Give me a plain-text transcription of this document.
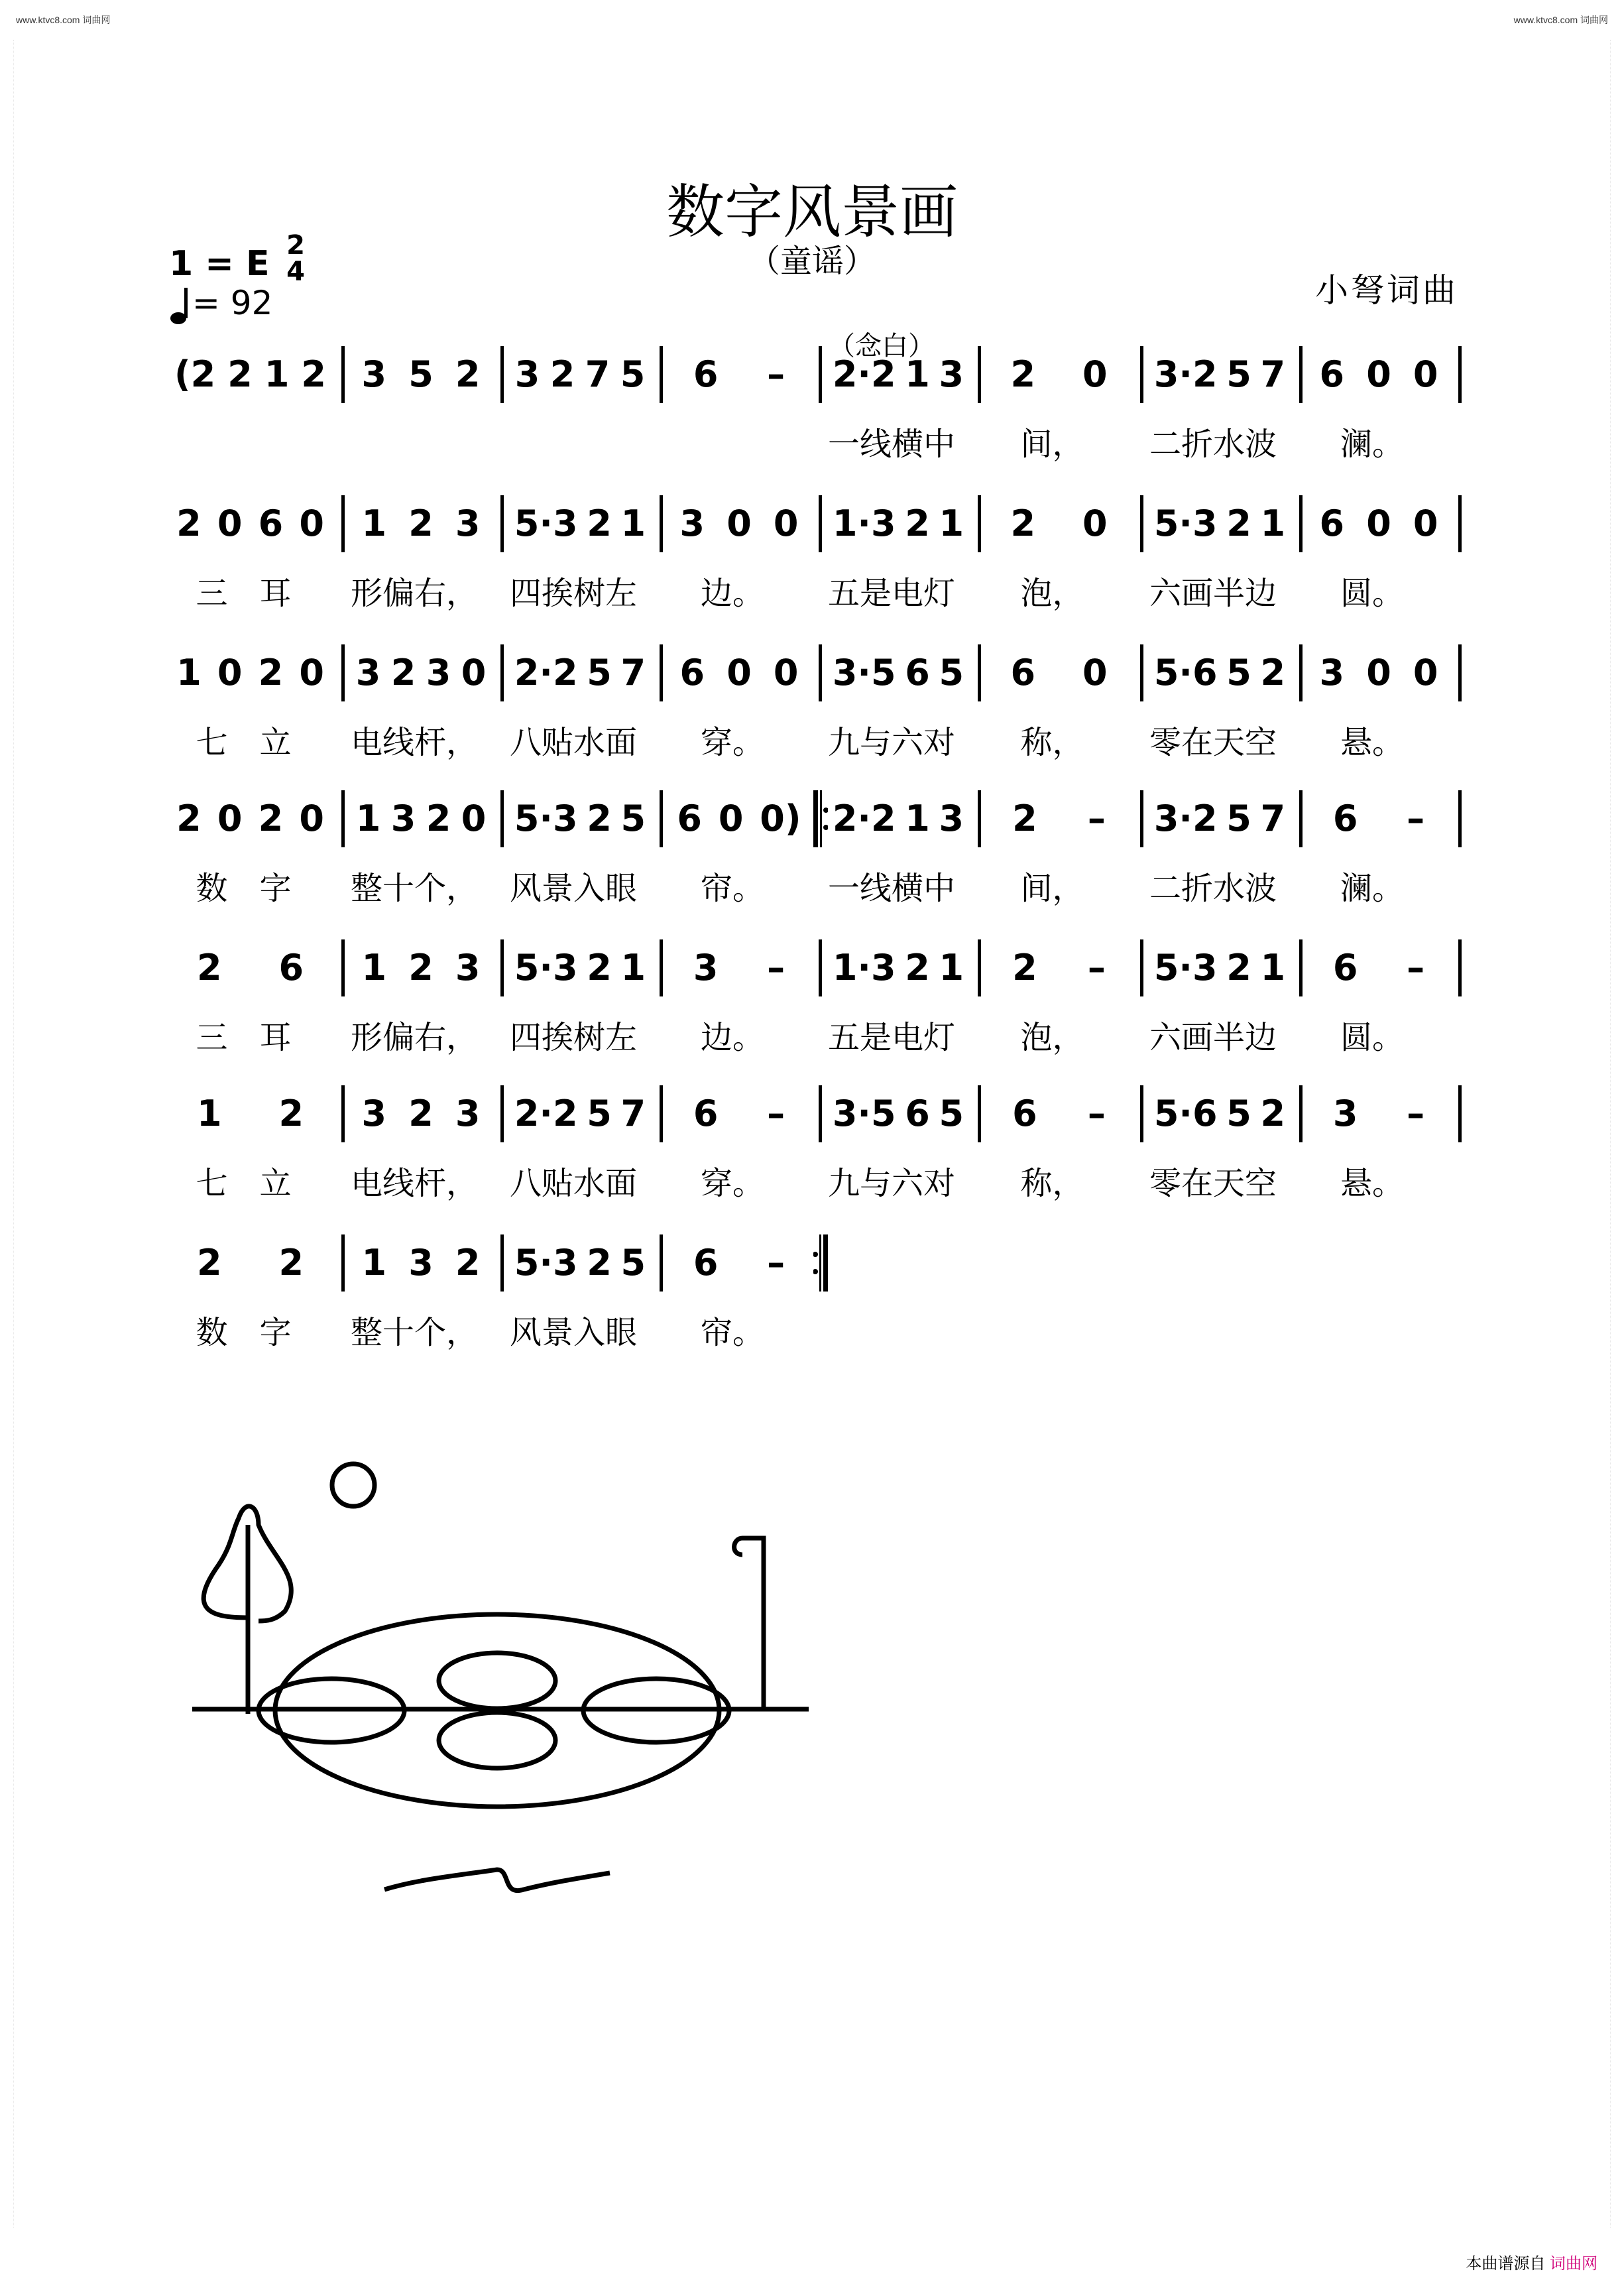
www.ktvc8.com 词曲网	www.ktvc8.com 词曲网
数字风景画
（童谣）
小弩词曲
1 = E 2
4
= 92
（念白）
(2 2 1 2 3 5 2 3 2 7 5 6 – 2·2 1 3 2 0 3·2 5 7 6 0 0
一线横中	间，	二折水波	澜。
2 0 6 0 1 2 3 5·3 2 1 3 0 0 1·3 2 1 2 0 5·3 2 1 6 0 0
三　耳	形偏右， 四挨树左	边。	五是电灯	泡，	六画半边	圆。
1 0 2 0 3 2 3 0 2·2 5 7 6 0 0 3·5 6 5 6 0 5·6 5 2 3 0 0
七　立	电线杆， 八贴水面	穿。	九与六对	称，	零在天空	悬。
2 0 2 0 1 3 2 0 5·3 2 5 6 0 0) 2·2 1 3 2 – 3·2 5 7 6 –
数　字	整十个， 风景入眼	帘。	一线横中	间，	二折水波	澜。
2 6 1 2 3 5·3 2 1 3 – 1·3 2 1 2 – 5·3 2 1 6 –
三　耳	形偏右， 四挨树左	边。	五是电灯	泡，	六画半边	圆。
1 2 3 2 3 2·2 5 7 6 – 3·5 6 5 6 – 5·6 5 2 3 –
七　立	电线杆， 八贴水面	穿。	九与六对	称，	零在天空	悬。
2 2 1 3 2 5·3 2 5 6 –
数　字	整十个， 风景入眼	帘。
本曲谱源自 词曲网
